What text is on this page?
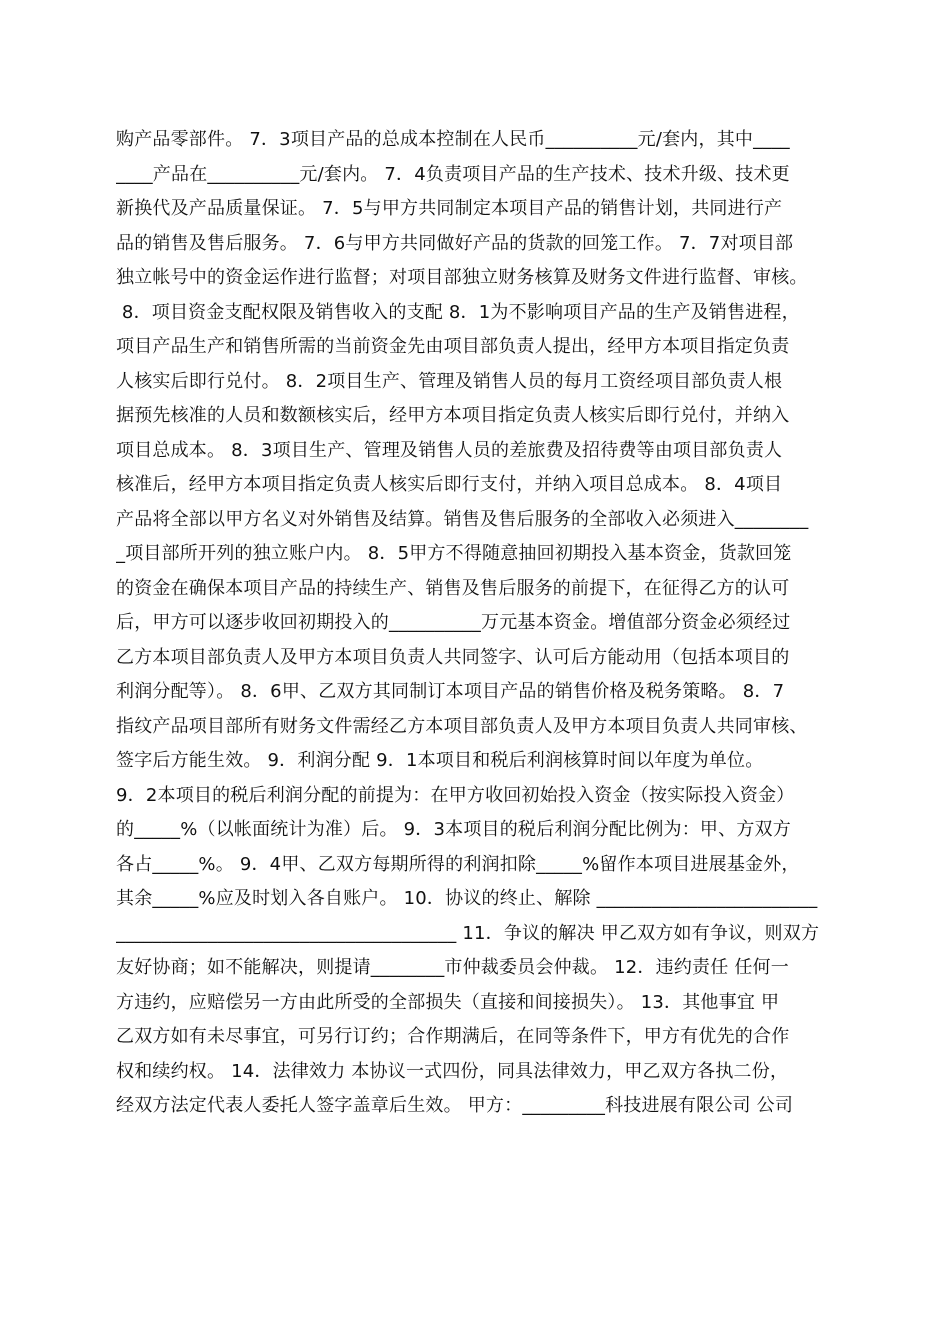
购产品零部件。 7．3项目产品的总成本控制在人民币__________元/套内，其中____
____产品在__________元/套内。 7．4负责项目产品的生产技术、技术升级、技术更
新换代及产品质量保证。 7．5与甲方共同制定本项目产品的销售计划，共同进行产
品的销售及售后服务。 7．6与甲方共同做好产品的货款的回笼工作。 7．7对项目部
独立帐号中的资金运作进行监督；对项目部独立财务核算及财务文件进行监督、审核。
8．项目资金支配权限及销售收入的支配 8．1为不影响项目产品的生产及销售进程，
项目产品生产和销售所需的当前资金先由项目部负责人提出，经甲方本项目指定负责
人核实后即行兑付。 8．2项目生产、管理及销售人员的每月工资经项目部负责人根
据预先核准的人员和数额核实后，经甲方本项目指定负责人核实后即行兑付，并纳入
项目总成本。 8．3项目生产、管理及销售人员的差旅费及招待费等由项目部负责人
核准后，经甲方本项目指定负责人核实后即行支付，并纳入项目总成本。 8．4项目
产品将全部以甲方名义对外销售及结算。销售及售后服务的全部收入必须进入________
_项目部所开列的独立账户内。 8．5甲方不得随意抽回初期投入基本资金，货款回笼
的资金在确保本项目产品的持续生产、销售及售后服务的前提下，在征得乙方的认可
后，甲方可以逐步收回初期投入的__________万元基本资金。增值部分资金必须经过
乙方本项目部负责人及甲方本项目负责人共同签字、认可后方能动用（包括本项目的
利润分配等）。 8．6甲、乙双方其同制订本项目产品的销售价格及税务策略。 8．7
指纹产品项目部所有财务文件需经乙方本项目部负责人及甲方本项目负责人共同审核、
签字后方能生效。 9．利润分配 9．1本项目和税后利润核算时间以年度为单位。
9．2本项目的税后利润分配的前提为：在甲方收回初始投入资金（按实际投入资金）
的_____%（以帐面统计为准）后。 9．3本项目的税后利润分配比例为：甲、方双方
各占_____%。 9．4甲、乙双方每期所得的利润扣除_____%留作本项目进展基金外，
其余_____%应及时划入各自账户。 10．协议的终止、解除 ________________________
_____________________________________ 11．争议的解决 甲乙双方如有争议，则双方
友好协商；如不能解决，则提请________市仲裁委员会仲裁。 12．违约责任 任何一
方违约，应赔偿另一方由此所受的全部损失（直接和间接损失）。 13．其他事宜 甲
乙双方如有未尽事宜，可另行订约；合作期满后，在同等条件下，甲方有优先的合作
权和续约权。 14．法律效力 本协议一式四份，同具法律效力，甲乙双方各执二份，
经双方法定代表人委托人签字盖章后生效。 甲方：_________科技进展有限公司 公司
